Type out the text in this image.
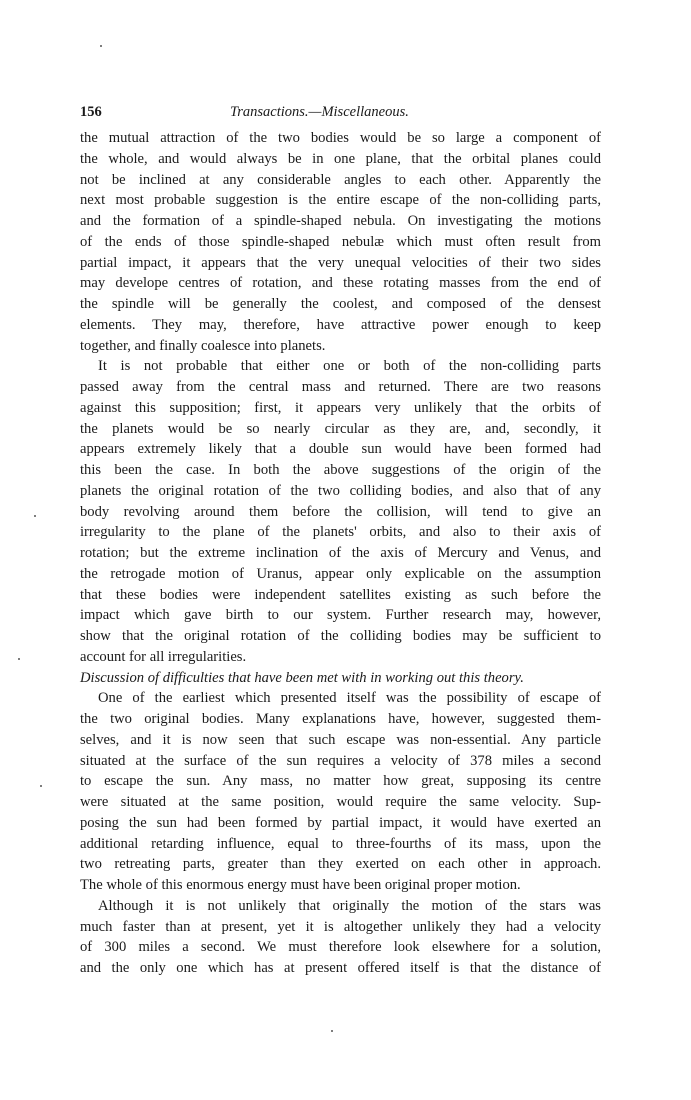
156	Transactions.—Miscellaneous.
the mutual attraction of the two bodies would be so large a component of
the whole, and would always be in one plane, that the orbital planes could
not be inclined at any considerable angles to each other. Apparently the
next most probable suggestion is the entire escape of the non-colliding parts,
and the formation of a spindle-shaped nebula. On investigating the motions
of the ends of those spindle-shaped nebulæ which must often result from
partial impact, it appears that the very unequal velocities of their two sides
may develope centres of rotation, and these rotating masses from the end of
the spindle will be generally the coolest, and composed of the densest
elements. They may, therefore, have attractive power enough to keep
together, and finally coalesce into planets.
It is not probable that either one or both of the non-colliding parts
passed away from the central mass and returned. There are two reasons
against this supposition; first, it appears very unlikely that the orbits of
the planets would be so nearly circular as they are, and, secondly, it
appears extremely likely that a double sun would have been formed had
this been the case. In both the above suggestions of the origin of the
planets the original rotation of the two colliding bodies, and also that of any
body revolving around them before the collision, will tend to give an
irregularity to the plane of the planets' orbits, and also to their axis of
rotation; but the extreme inclination of the axis of Mercury and Venus, and
the retrogade motion of Uranus, appear only explicable on the assumption
that these bodies were independent satellites existing as such before the
impact which gave birth to our system. Further research may, however,
show that the original rotation of the colliding bodies may be sufficient to
account for all irregularities.
Discussion of difficulties that have been met with in working out this theory.
One of the earliest which presented itself was the possibility of escape of
the two original bodies. Many explanations have, however, suggested them-
selves, and it is now seen that such escape was non-essential. Any particle
situated at the surface of the sun requires a velocity of 378 miles a second
to escape the sun. Any mass, no matter how great, supposing its centre
were situated at the same position, would require the same velocity. Sup-
posing the sun had been formed by partial impact, it would have exerted an
additional retarding influence, equal to three-fourths of its mass, upon the
two retreating parts, greater than they exerted on each other in approach.
The whole of this enormous energy must have been original proper motion.
Although it is not unlikely that originally the motion of the stars was
much faster than at present, yet it is altogether unlikely they had a velocity
of 300 miles a second. We must therefore look elsewhere for a solution,
and the only one which has at present offered itself is that the distance of
